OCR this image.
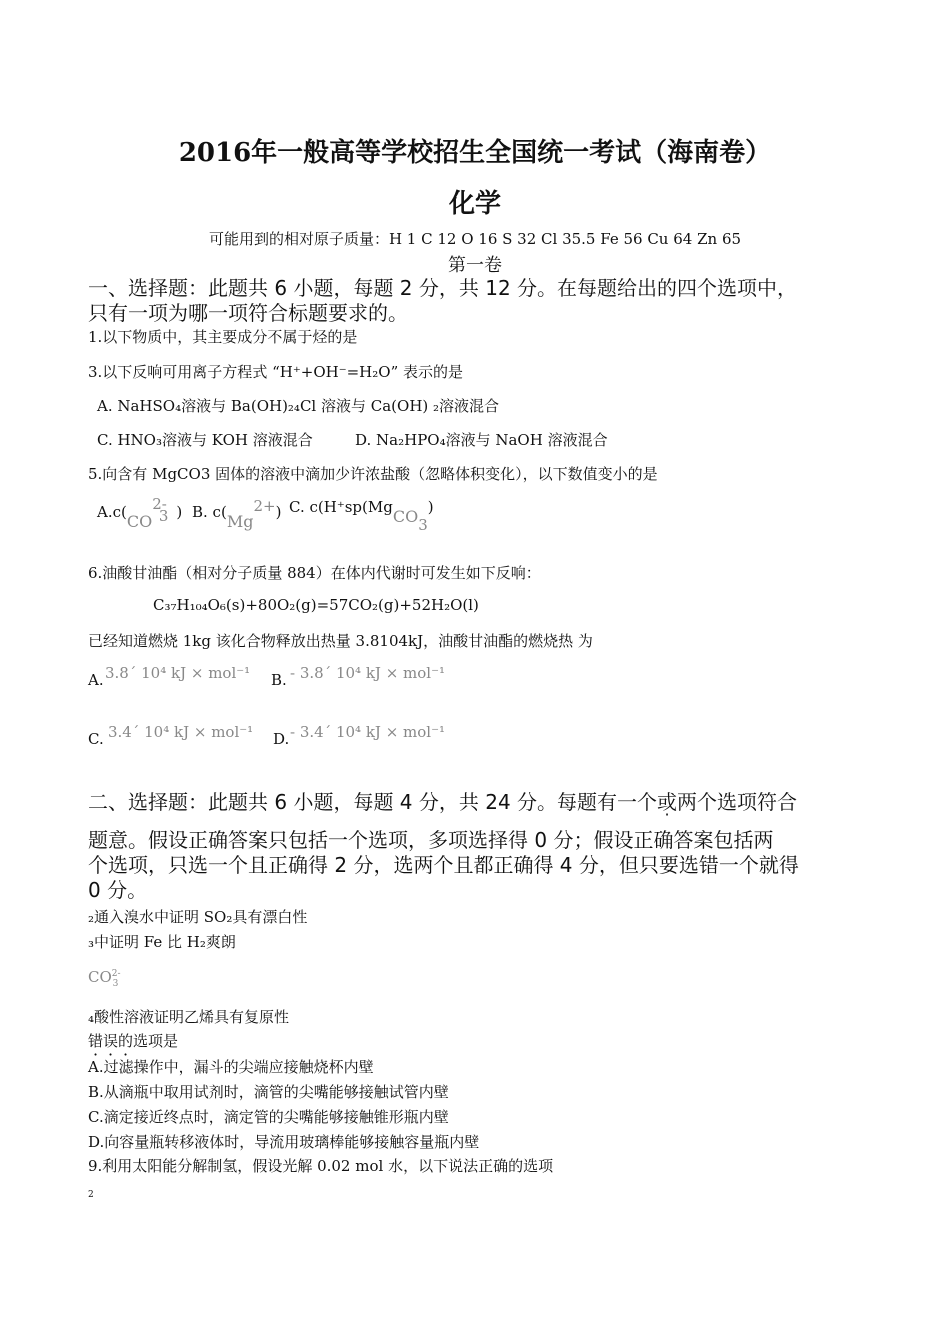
2016年一般高等学校招生全国统一考试（海南卷）
化学
可能用到的相对原子质量：H 1 C 12 O 16 S 32 Cl 35.5 Fe 56 Cu 64 Zn 65
第一卷
一、选择题：此题共 6 小题，每题 2 分，共 12 分。在每题给出的四个选项中，
只有一项为哪一项符合标题要求的。
1.以下物质中，其主要成分不属于烃的是
3.以下反响可用离子方程式 “H⁺+OH⁻=H₂O” 表示的是
A. NaHSO₄溶液与 Ba(OH)₂₄Cl 溶液与 Ca(OH) ₂溶液混合
C. HNO₃溶液与 KOH 溶液混合	D. Na₂HPO₄溶液与 NaOH 溶液混合
5.向含有 MgCO3 固体的溶液中滴加少许浓盐酸（忽略体积变化），以下数值变小的是
$A.c(CO^{2-}_3$ ) B. $c(Mg^{2+})$ C. c(H⁺sp(MgCO$_3$)
6.油酸甘油酯（相对分子质量 884）在体内代谢时可发生如下反响：
C₃₇H₁₀₄O₆(s)+80O₂(g)=57CO₂(g)+52H₂O(l)
已经知道燃烧 1kg 该化合物释放出热量 3.8104kJ，油酸甘油酯的燃烧热 为
A. 3.8´ 10⁴ kJ × mol⁻¹ B. - 3.8´ 10⁴ kJ × mol⁻¹
C. 3.4´ 10⁴ kJ × mol⁻¹ D. - 3.4´ 10⁴ kJ × mol⁻¹
二、选择题：此题共 6 小题，每题 4 分，共 24 分。每题有一个或两个 ·选项符合
题意。假设正确答案只包括一个选项，多项选择得 0 分；假设正确答案包括两
个选项，只选一个且正确得 2 分，选两个且都正确得 4 分，但只要选错一个就得
0 分。
₂通入溴水中证明 SO₂具有漂白性
₃中证明 Fe 比 H₂爽朗
$CO^{2-}_3$
₄酸性溶液证明乙烯具有复原性
错误的选项是
A.过滤操作中，漏斗的尖端应接触烧杯内壁
B.从滴瓶中取用试剂时，滴管的尖嘴能够接触试管内壁
C.滴定接近终点时，滴定管的尖嘴能够接触锥形瓶内壁
D.向容量瓶转移液体时，导流用玻璃棒能够接触容量瓶内壁
9.利用太阳能分解制氢，假设光解 0.02 mol 水，以下说法正确的选项
2
